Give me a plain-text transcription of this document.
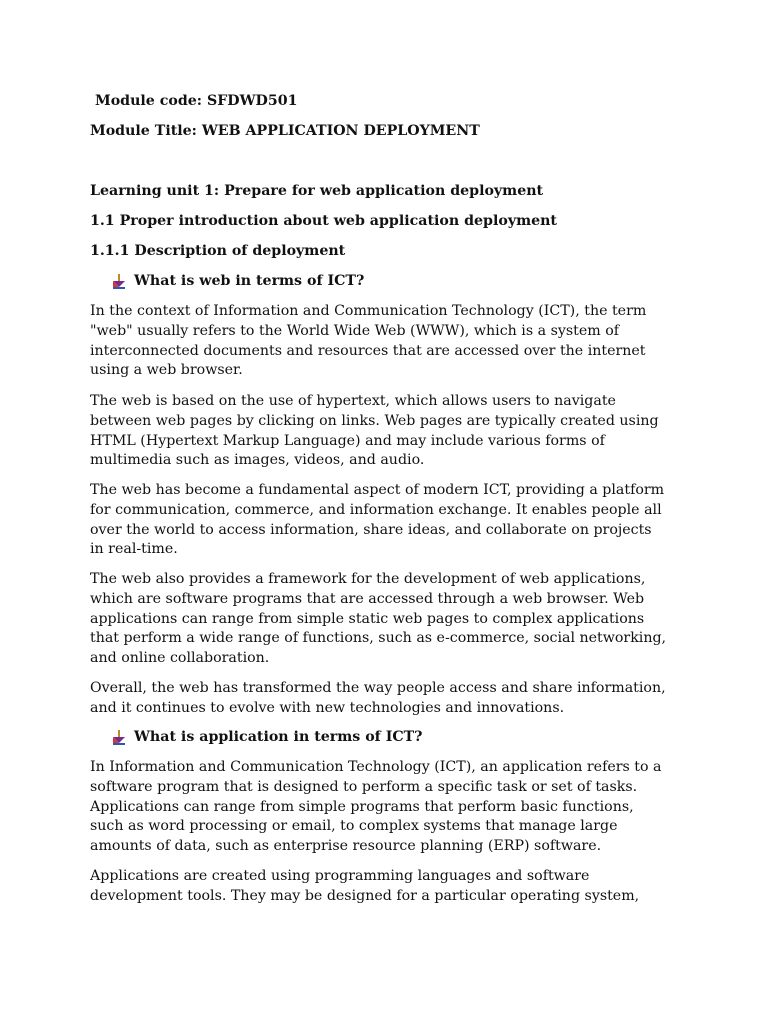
Module code: SFDWD501
Module Title: WEB APPLICATION DEPLOYMENT
Learning unit 1: Prepare for web application deployment
1.1 Proper introduction about web application deployment
1.1.1 Description of deployment
What is web in terms of ICT?
In the context of Information and Communication Technology (ICT), the term
"web" usually refers to the World Wide Web (WWW), which is a system of
interconnected documents and resources that are accessed over the internet
using a web browser.
The web is based on the use of hypertext, which allows users to navigate
between web pages by clicking on links. Web pages are typically created using
HTML (Hypertext Markup Language) and may include various forms of
multimedia such as images, videos, and audio.
The web has become a fundamental aspect of modern ICT, providing a platform
for communication, commerce, and information exchange. It enables people all
over the world to access information, share ideas, and collaborate on projects
in real-time.
The web also provides a framework for the development of web applications,
which are software programs that are accessed through a web browser. Web
applications can range from simple static web pages to complex applications
that perform a wide range of functions, such as e-commerce, social networking,
and online collaboration.
Overall, the web has transformed the way people access and share information,
and it continues to evolve with new technologies and innovations.
What is application in terms of ICT?
In Information and Communication Technology (ICT), an application refers to a
software program that is designed to perform a specific task or set of tasks.
Applications can range from simple programs that perform basic functions,
such as word processing or email, to complex systems that manage large
amounts of data, such as enterprise resource planning (ERP) software.
Applications are created using programming languages and software
development tools. They may be designed for a particular operating system,
